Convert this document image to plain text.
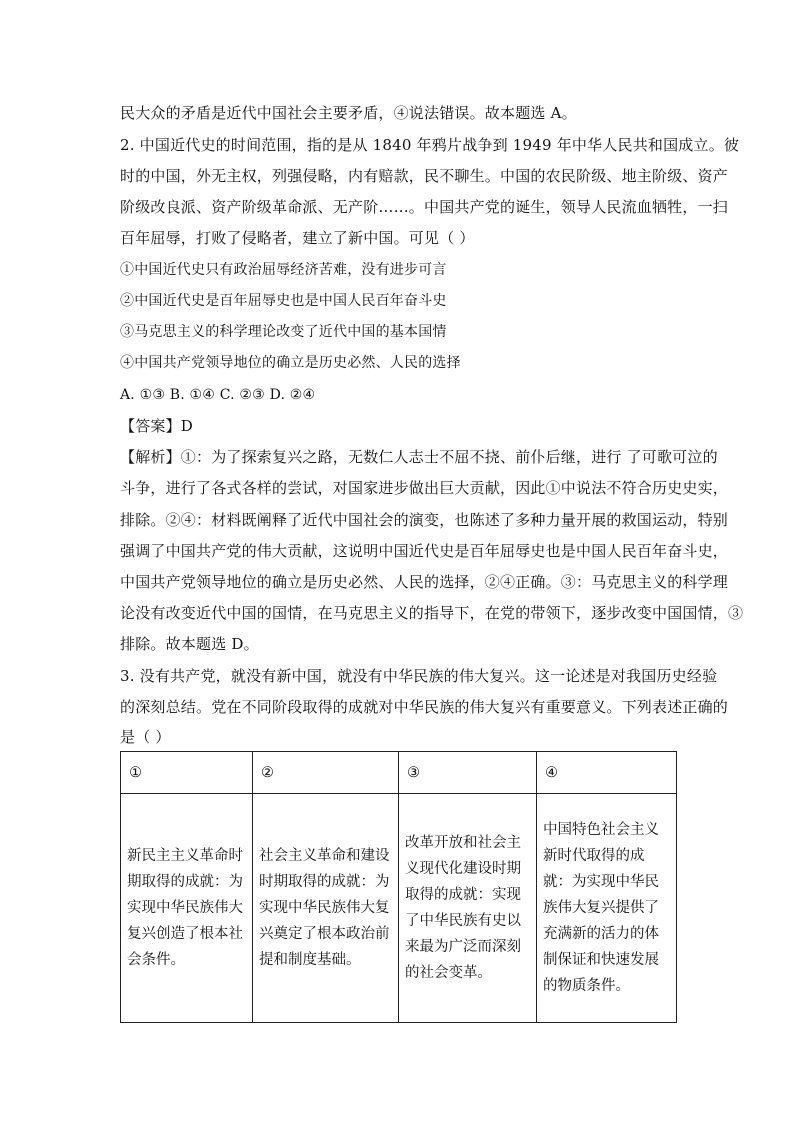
民大众的矛盾是近代中国社会主要矛盾，④说法错误。故本题选 A。
2. 中国近代史的时间范围，指的是从 1840 年鸦片战争到 1949 年中华人民共和国成立。彼
时的中国，外无主权，列强侵略，内有赔款，民不聊生。中国的农民阶级、地主阶级、资产
阶级改良派、资产阶级革命派、无产阶……。中国共产党的诞生，领导人民流血牺牲，一扫
百年屈辱，打败了侵略者，建立了新中国。可见（ ）
①中国近代史只有政治屈辱经济苦难，没有进步可言
②中国近代史是百年屈辱史也是中国人民百年奋斗史
③马克思主义的科学理论改变了近代中国的基本国情
④中国共产党领导地位的确立是历史必然、人民的选择
A. ①③ B. ①④ C. ②③ D. ②④
【答案】D
【解析】①：为了探索复兴之路，无数仁人志士不屈不挠、前仆后继，进行 了可歌可泣的
斗争，进行了各式各样的尝试，对国家进步做出巨大贡献，因此①中说法不符合历史史实，
排除。②④：材料既阐释了近代中国社会的演变，也陈述了多种力量开展的救国运动，特别
强调了中国共产党的伟大贡献，这说明中国近代史是百年屈辱史也是中国人民百年奋斗史，
中国共产党领导地位的确立是历史必然、人民的选择，②④正确。③：马克思主义的科学理
论没有改变近代中国的国情，在马克思主义的指导下，在党的带领下，逐步改变中国国情，③
排除。故本题选 D。
3. 没有共产党，就没有新中国，就没有中华民族的伟大复兴。这一论述是对我国历史经验
的深刻总结。党在不同阶段取得的成就对中华民族的伟大复兴有重要意义。下列表述正确的
是（ ）
①	②	③	④

新民主主义革命时期取得的成就：为实现中华民族伟大复兴创造了根本社会条件。	社会主义革命和建设时期取得的成就：为实现中华民族伟大复兴奠定了根本政治前提和制度基础。	改革开放和社会主义现代化建设时期取得的成就：实现了中华民族有史以来最为广泛而深刻的社会变革。	中国特色社会主义新时代取得的成就：为实现中华民族伟大复兴提供了充满新的活力的体制保证和快速发展的物质条件。
